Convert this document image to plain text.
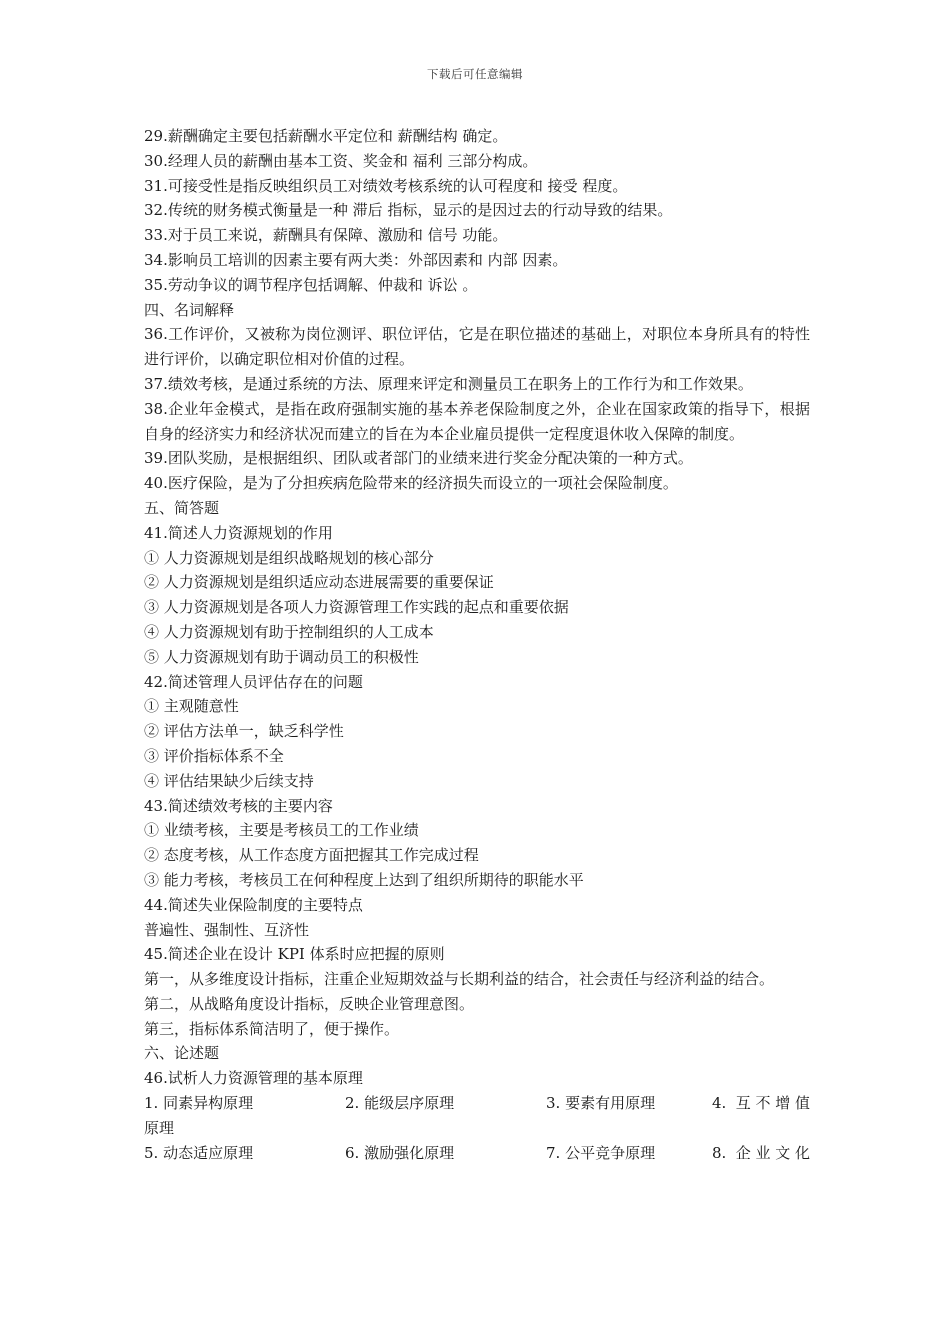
下载后可任意编辑
29.薪酬确定主要包括薪酬水平定位和 薪酬结构 确定。
30.经理人员的薪酬由基本工资、奖金和 福利 三部分构成。
31.可接受性是指反映组织员工对绩效考核系统的认可程度和 接受 程度。
32.传统的财务模式衡量是一种 滞后 指标，显示的是因过去的行动导致的结果。
33.对于员工来说，薪酬具有保障、激励和 信号 功能。
34.影响员工培训的因素主要有两大类：外部因素和 内部 因素。
35.劳动争议的调节程序包括调解、仲裁和 诉讼 。
四、名词解释
36.工作评价，又被称为岗位测评、职位评估，它是在职位描述的基础上，对职位本身所具有的特性进行评价，以确定职位相对价值的过程。
37.绩效考核，是通过系统的方法、原理来评定和测量员工在职务上的工作行为和工作效果。
38.企业年金模式，是指在政府强制实施的基本养老保险制度之外，企业在国家政策的指导下，根据自身的经济实力和经济状况而建立的旨在为本企业雇员提供一定程度退休收入保障的制度。
39.团队奖励，是根据组织、团队或者部门的业绩来进行奖金分配决策的一种方式。
40.医疗保险，是为了分担疾病危险带来的经济损失而设立的一项社会保险制度。
五、简答题
41.简述人力资源规划的作用
① 人力资源规划是组织战略规划的核心部分
② 人力资源规划是组织适应动态进展需要的重要保证
③ 人力资源规划是各项人力资源管理工作实践的起点和重要依据
④ 人力资源规划有助于控制组织的人工成本
⑤ 人力资源规划有助于调动员工的积极性
42.简述管理人员评估存在的问题
① 主观随意性
② 评估方法单一，缺乏科学性
③ 评价指标体系不全
④ 评估结果缺少后续支持
43.简述绩效考核的主要内容
① 业绩考核，主要是考核员工的工作业绩
② 态度考核，从工作态度方面把握其工作完成过程
③ 能力考核，考核员工在何种程度上达到了组织所期待的职能水平
44.简述失业保险制度的主要特点
普遍性、强制性、互济性
45.简述企业在设计 KPI 体系时应把握的原则
第一，从多维度设计指标，注重企业短期效益与长期利益的结合，社会责任与经济利益的结合。
第二，从战略角度设计指标，反映企业管理意图。
第三，指标体系简洁明了，便于操作。
六、论述题
46.试析人力资源管理的基本原理
1. 同素异构原理	2. 能级层序原理	3. 要素有用原理	4. 互不增值
原理
5. 动态适应原理	6. 激励强化原理	7. 公平竞争原理	8. 企业文化
